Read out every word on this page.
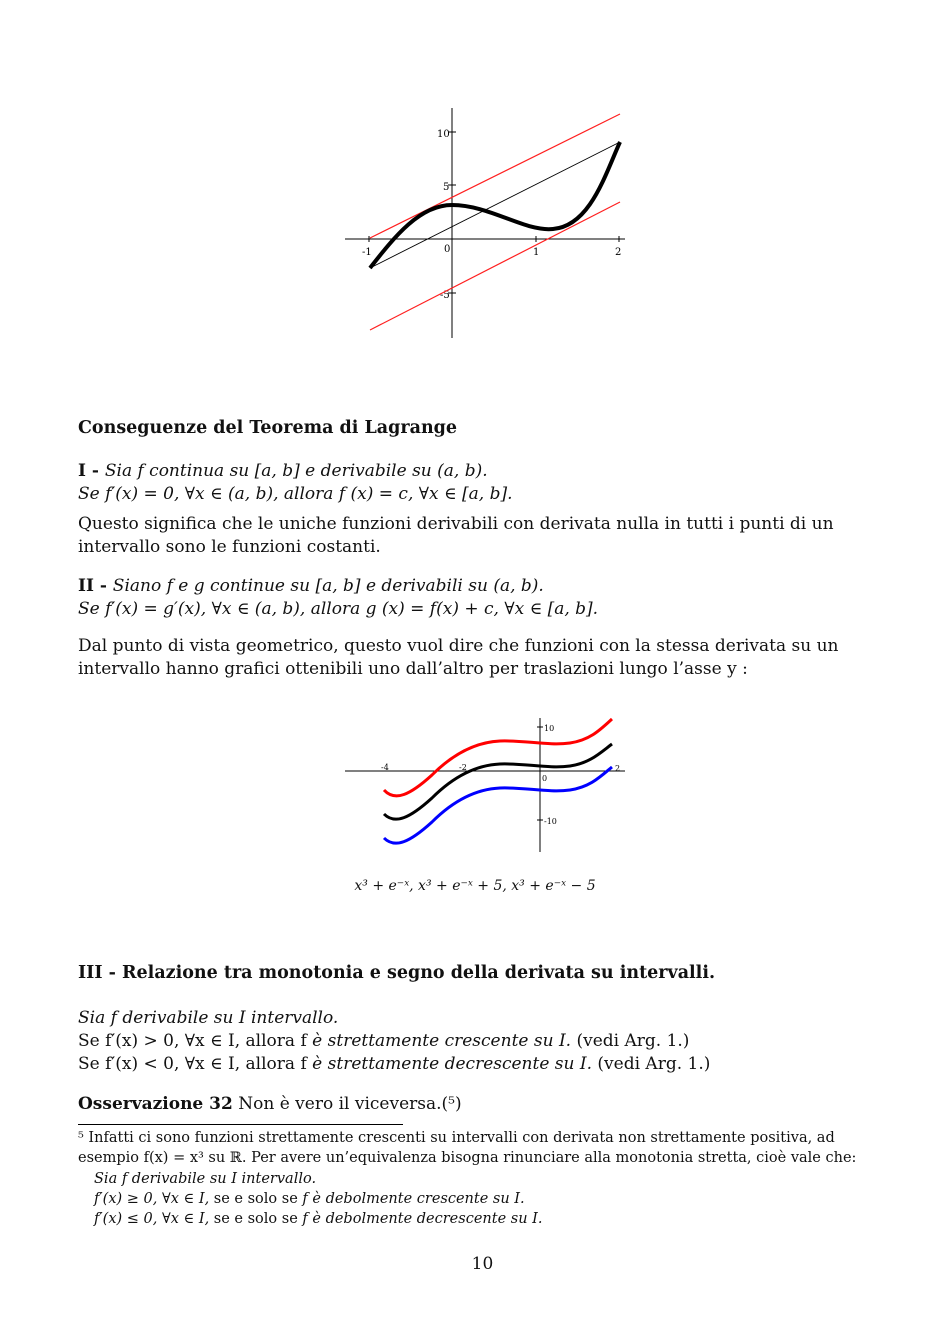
10
5
-5
-1	0	1	2
Conseguenze del Teorema di Lagrange
I - Sia f continua su [a, b] e derivabile su (a, b).
Se f′(x) = 0, ∀x ∈ (a, b), allora f (x) = c, ∀x ∈ [a, b].
Questo significa che le uniche funzioni derivabili con derivata nulla in tutti i punti di un intervallo sono le funzioni costanti.
II - Siano f e g continue su [a, b] e derivabili su (a, b).
Se f′(x) = g′(x), ∀x ∈ (a, b), allora g (x) = f(x) + c, ∀x ∈ [a, b].
Dal punto di vista geometrico, questo vuol dire che funzioni con la stessa derivata su un intervallo hanno grafici ottenibili uno dall’altro per traslazioni lungo l’asse y :
10
-10
-4	-2
0
2
x³ + e⁻ˣ, x³ + e⁻ˣ + 5, x³ + e⁻ˣ − 5
III - Relazione tra monotonia e segno della derivata su intervalli.
Sia f derivabile su I intervallo.
Se f′(x) > 0, ∀x ∈ I, allora f è strettamente crescente su I. (vedi Arg. 1.)
Se f′(x) < 0, ∀x ∈ I, allora f è strettamente decrescente su I. (vedi Arg. 1.)
Osservazione 32 Non è vero il viceversa.(⁵)
⁵ Infatti ci sono funzioni strettamente crescenti su intervalli con derivata non strettamente positiva, ad esempio f(x) = x³ su ℝ. Per avere un’equivalenza bisogna rinunciare alla monotonia stretta, cioè vale che:
Sia f derivabile su I intervallo.
f′(x) ≥ 0, ∀x ∈ I, se e solo se f è debolmente crescente su I.
f′(x) ≤ 0, ∀x ∈ I, se e solo se f è debolmente decrescente su I.
10
